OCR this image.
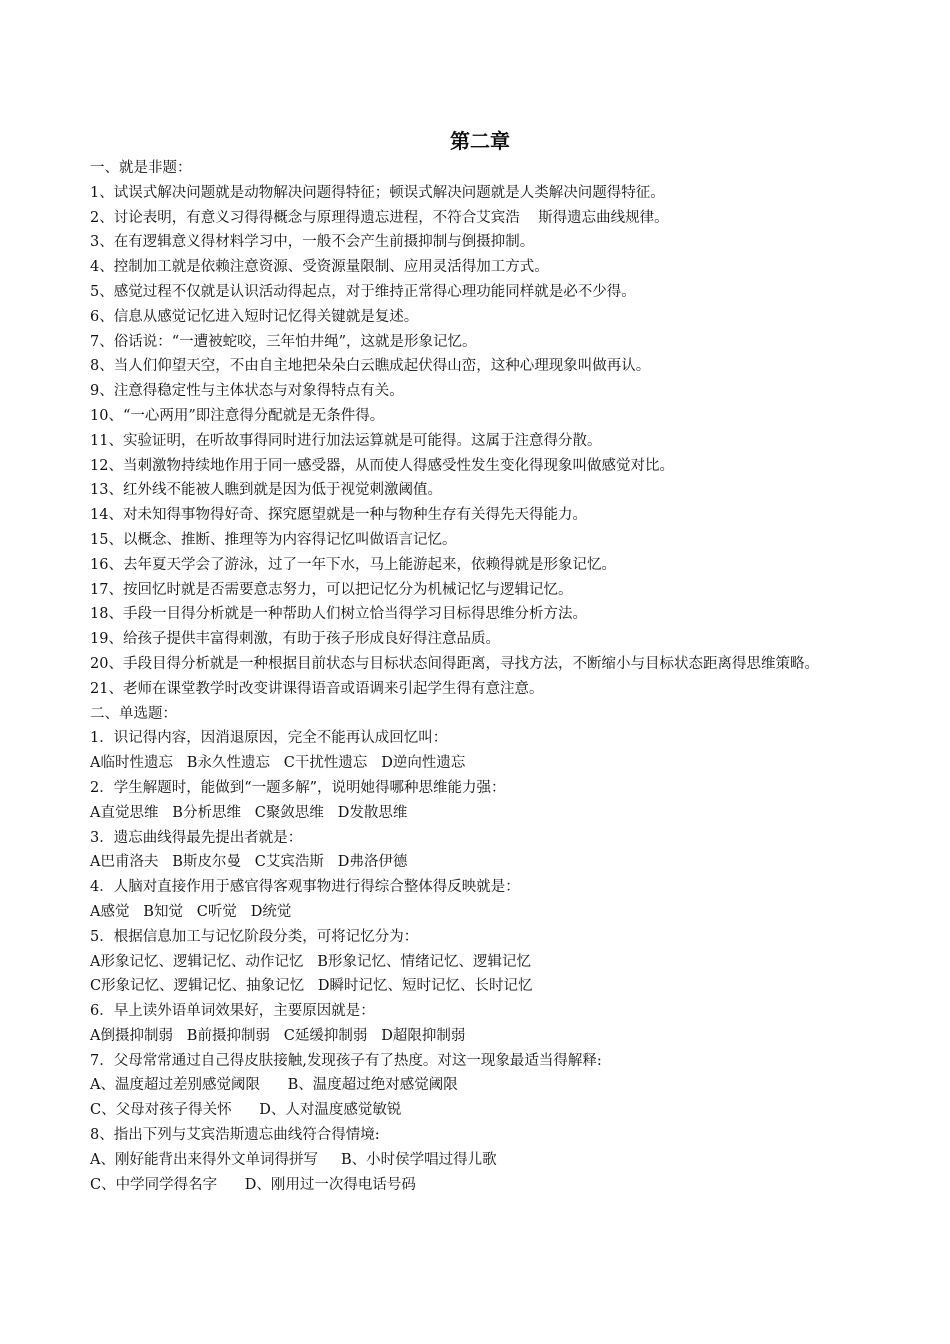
第二章

一、就是非题：

1、试误式解决问题就是动物解决问题得特征；顿误式解决问题就是人类解决问题得特征。

2、讨论表明，有意义习得得概念与原理得遗忘进程，不符合艾宾浩    斯得遗忘曲线规律。

3、在有逻辑意义得材料学习中，一般不会产生前摄抑制与倒摄抑制。

4、控制加工就是依赖注意资源、受资源量限制、应用灵活得加工方式。

5、感觉过程不仅就是认识活动得起点，对于维持正常得心理功能同样就是必不少得。

6、信息从感觉记忆进入短时记忆得关键就是复述。

7、俗话说：“一遭被蛇咬，三年怕井绳”，这就是形象记忆。

8、当人们仰望天空，不由自主地把朵朵白云瞧成起伏得山峦，这种心理现象叫做再认。

9、注意得稳定性与主体状态与对象得特点有关。

10、“一心两用”即注意得分配就是无条件得。

11、实验证明，在听故事得同时进行加法运算就是可能得。这属于注意得分散。

12、当刺激物持续地作用于同一感受器，从而使人得感受性发生变化得现象叫做感觉对比。

13、红外线不能被人瞧到就是因为低于视觉刺激阈值。

14、对未知得事物得好奇、探究愿望就是一种与物种生存有关得先天得能力。

15、以概念、推断、推理等为内容得记忆叫做语言记忆。

16、去年夏天学会了游泳，过了一年下水，马上能游起来，依赖得就是形象记忆。

17、按回忆时就是否需要意志努力，可以把记忆分为机械记忆与逻辑记忆。

18、手段一目得分析就是一种帮助人们树立恰当得学习目标得思维分析方法。

19、给孩子提供丰富得刺激，有助于孩子形成良好得注意品质。

20、手段目得分析就是一种根据目前状态与目标状态间得距离，寻找方法，不断缩小与目标状态距离得思维策略。

21、老师在课堂教学时改变讲课得语音或语调来引起学生得有意注意。

二、单选题：

1．识记得内容，因消退原因，完全不能再认成回忆叫：

A临时性遗忘   B永久性遗忘   C干扰性遗忘   D逆向性遗忘

2．学生解题时，能做到“一题多解”，说明她得哪种思维能力强：

A直觉思维   B分析思维   C聚敛思维   D发散思维

3．遗忘曲线得最先提出者就是：

A巴甫洛夫   B斯皮尔曼   C艾宾浩斯   D弗洛伊德

4．人脑对直接作用于感官得客观事物进行得综合整体得反映就是：

A感觉   B知觉   C听觉   D统觉

5．根据信息加工与记忆阶段分类，可将记忆分为：

A形象记忆、逻辑记忆、动作记忆   B形象记忆、情绪记忆、逻辑记忆

C形象记忆、逻辑记忆、抽象记忆   D瞬时记忆、短时记忆、长时记忆

6．早上读外语单词效果好，主要原因就是：

A倒摄抑制弱   B前摄抑制弱   C延缓抑制弱   D超限抑制弱

7．父母常常通过自己得皮肤接触,发现孩子有了热度。对这一现象最适当得解释:

A、温度超过差别感觉阈限      B、温度超过绝对感觉阈限

C、父母对孩子得关怀      D、人对温度感觉敏锐

8、指出下列与艾宾浩斯遗忘曲线符合得情境:

A、刚好能背出来得外文单词得拼写     B、小时侯学唱过得儿歌

C、中学同学得名字      D、刚用过一次得电话号码
